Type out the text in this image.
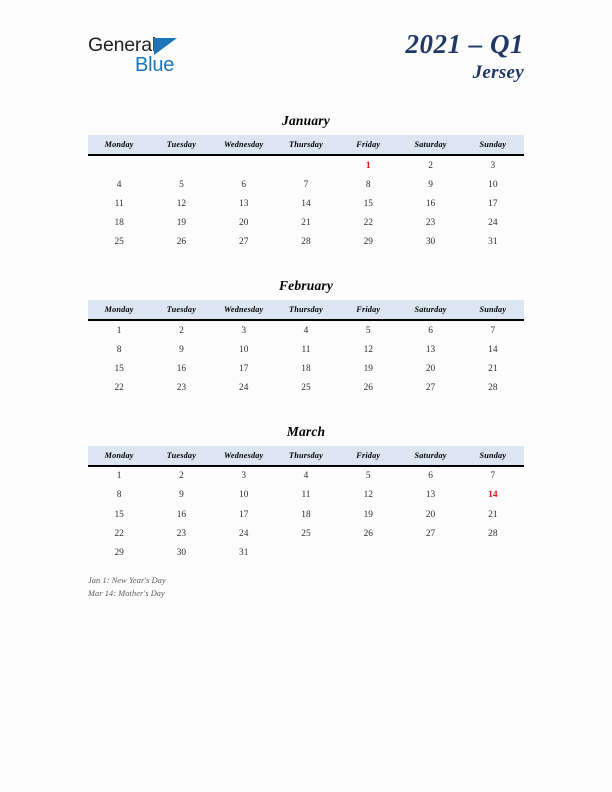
General
Blue
2021 – Q1
Jersey
January
Monday	Tuesday	Wednesday	Thursday	Friday	Saturday	Sunday
				1	2	3
4	5	6	7	8	9	10
11	12	13	14	15	16	17
18	19	20	21	22	23	24
25	26	27	28	29	30	31
February
Monday	Tuesday	Wednesday	Thursday	Friday	Saturday	Sunday
1	2	3	4	5	6	7
8	9	10	11	12	13	14
15	16	17	18	19	20	21
22	23	24	25	26	27	28
March
Monday	Tuesday	Wednesday	Thursday	Friday	Saturday	Sunday
1	2	3	4	5	6	7
8	9	10	11	12	13	14
15	16	17	18	19	20	21
22	23	24	25	26	27	28
29	30	31				
Jan 1: New Year's Day
Mar 14: Mother's Day
